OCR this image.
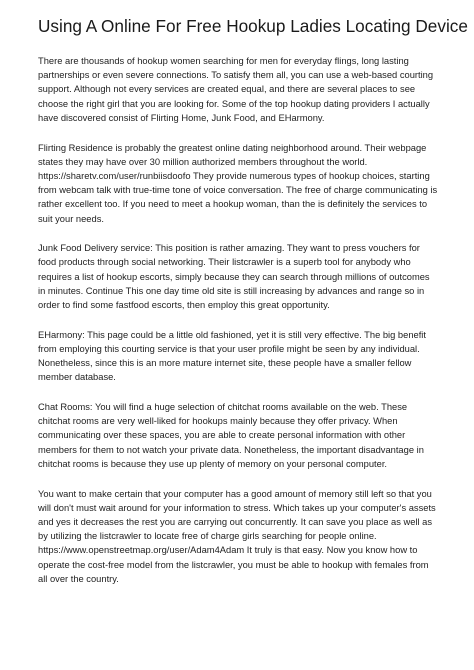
Using A Online For Free Hookup Ladies Locating Device

There are thousands of hookup women searching for men for everyday flings, long lasting partnerships or even severe connections. To satisfy them all, you can use a web-based courting support. Although not every services are created equal, and there are several places to see choose the right girl that you are looking for. Some of the top hookup dating providers I actually have discovered consist of Flirting Home, Junk Food, and EHarmony.

Flirting Residence is probably the greatest online dating neighborhood around. Their webpage states they may have over 30 million authorized members throughout the world. https://sharetv.com/user/runbiisdoofo They provide numerous types of hookup choices, starting from webcam talk with true-time tone of voice conversation. The free of charge communicating is rather excellent too. If you need to meet a hookup woman, than the is definitely the services to suit your needs.

Junk Food Delivery service: This position is rather amazing. They want to press vouchers for food products through social networking. Their listcrawler is a superb tool for anybody who requires a list of hookup escorts, simply because they can search through millions of outcomes in minutes. Continue This one day time old site is still increasing by advances and range so in order to find some fastfood escorts, then employ this great opportunity.

EHarmony: This page could be a little old fashioned, yet it is still very effective. The big benefit from employing this courting service is that your user profile might be seen by any individual. Nonetheless, since this is an more mature internet site, these people have a smaller fellow member database.

Chat Rooms: You will find a huge selection of chitchat rooms available on the web. These chitchat rooms are very well-liked for hookups mainly because they offer privacy. When communicating over these spaces, you are able to create personal information with other members for them to not watch your private data. Nonetheless, the important disadvantage in chitchat rooms is because they use up plenty of memory on your personal computer.

You want to make certain that your computer has a good amount of memory still left so that you will don't must wait around for your information to stress. Which takes up your computer's assets and yes it decreases the rest you are carrying out concurrently. It can save you place as well as by utilizing the listcrawler to locate free of charge girls searching for people online. https://www.openstreetmap.org/user/Adam4Adam It truly is that easy. Now you know how to operate the cost-free model from the listcrawler, you must be able to hookup with females from all over the country.
